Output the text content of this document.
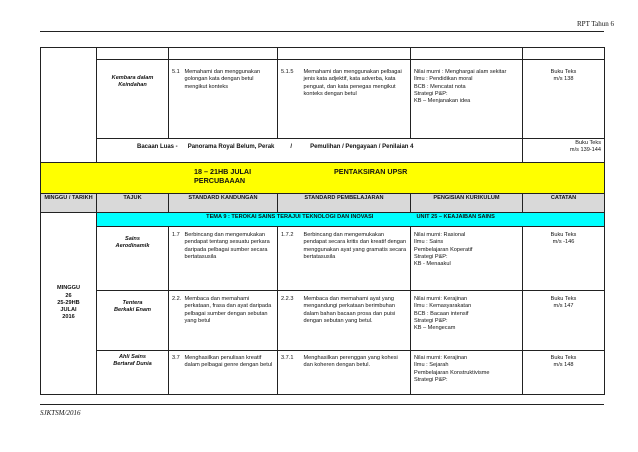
RPT Tahun 6

	Kembara dalam
Keindahan	5.1	Memahami dan menggunakan golongan kata dengan betul mengikut konteks	5.1.5	Memahami dan menggunakan pelbagai jenis kata adjektif, kata adverba, kata penguat, dan kata penegas mengikut konteks dengan betul	Nilai murni : Menghargai alam sekitar
Ilmu : Pendidikan moral
BCB : Mencatat nota
Strategi P&P:
KB – Menjanakan idea	Buku Teks
m/s 138

	Bacaan Luas - Panorama Royal Belum, Perak / Pemulihan / Pengayaan / Penilaian 4						Buku Teks
m/s 139-144

18 – 21HB JULAI PENTAKSIRAN UPSR
PERCUBAAAN							

MINGGU / TARIKH	TAJUK	STANDARD KANDUNGAN		STANDARD PEMBELAJARAN		PENGISIAN KURIKULUM	CATATAN

MINGGU
26
25-29HB
JULAI
2016	TEMA 9 : TEROKAI SAINS TERAJUI TEKNOLOGI DAN INOVASI UNIT 25 – KEAJAIBAN SAINS						

	Sains
Aerodinamik	1.7	Berbincang dan mengemukakan pendapat tentang sesuatu perkara daripada pelbagai sumber secara bertatasusila	1.7.2	Berbincang dan mengemukakan pendapat secara kritis dan kreatif dengan menggunakan ayat yang gramatis secara bertatasusila	Nilai murni: Rasional
Ilmu : Sains
Pembelajaran Koperatif
Strategi P&P:
KB - Menaakul	Buku Teks
m/s -146

	Tentera
Berkaki Enam	2.2.	Membaca dan memahami perkataan, frasa dan ayat daripada pelbagai sumber dengan sebutan yang betul	2.2.3	Membaca dan memahami ayat yang mengandungi perkataan berimbuhan dalam bahan bacaan prosa dan puisi dengan sebutan yang betul.	Nilai murni: Kerajinan
Ilmu : Kemasyarakatan
BCB : Bacaan intensif
Strategi P&P:
KB – Mengecam	Buku Teks
m/s 147

	Ahli Sains
Bertaraf Dunia	3.7	Menghasilkan penulisan kreatif dalam pelbagai genre dengan betul	3.7.1	Menghasilkan perenggan yang kohesi dan koheren dengan betul.	Nilai murni: Kerajinan
Ilmu : Sejarah
Pembelajaran Konstruktivisme
Strategi P&P:	Buku Teks
m/s 148
SJKTSM/2016
